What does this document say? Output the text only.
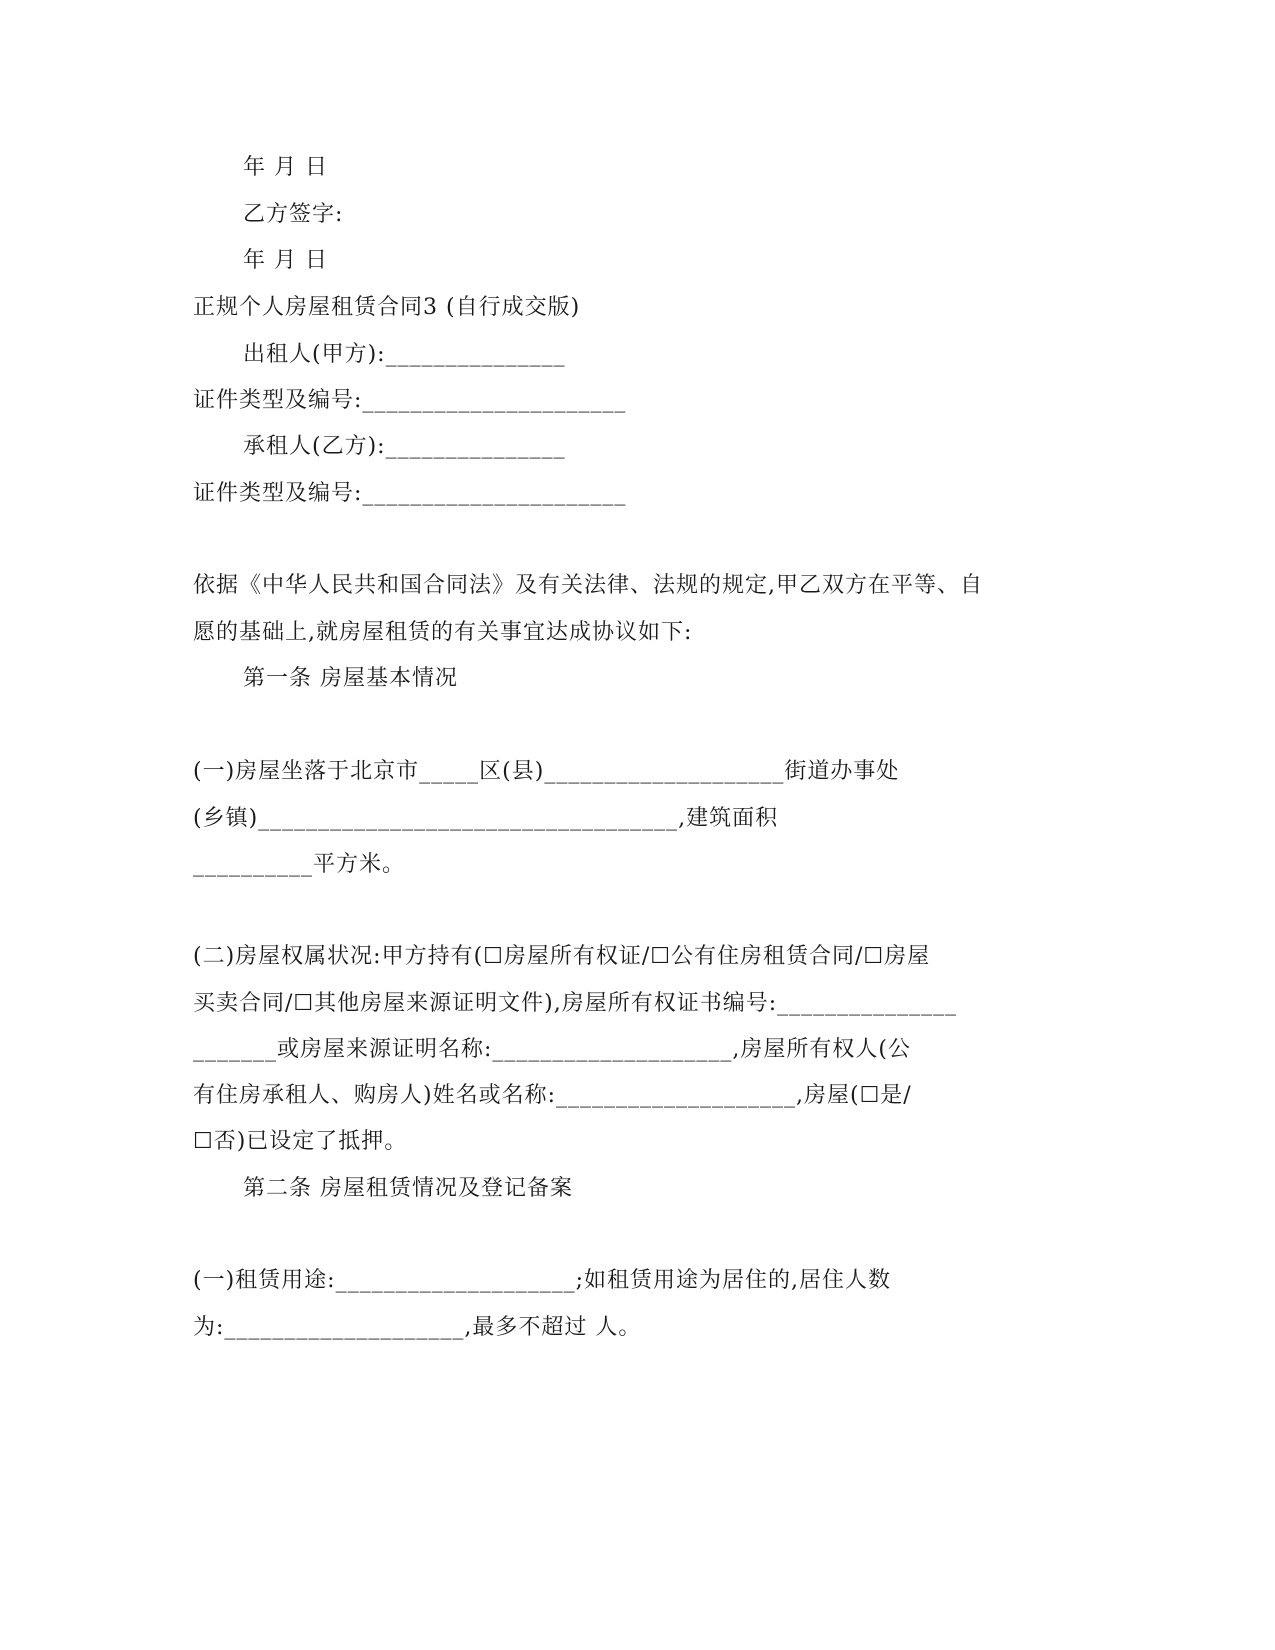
年 月 日
乙方签字:
年 月 日
正规个人房屋租赁合同3 (自行成交版)
出租人(甲方):_______________
证件类型及编号:______________________
承租人(乙方):_______________
证件类型及编号:______________________
依据《中华人民共和国合同法》及有关法律、法规的规定,甲乙双方在平等、自
愿的基础上,就房屋租赁的有关事宜达成协议如下:
第一条 房屋基本情况
(一)房屋坐落于北京市_____区(县)____________________街道办事处
(乡镇)___________________________________,建筑面积
__________平方米。
(二)房屋权属状况:甲方持有(☐房屋所有权证/☐公有住房租赁合同/☐房屋
买卖合同/☐其他房屋来源证明文件),房屋所有权证书编号:_______________
_______或房屋来源证明名称:____________________,房屋所有权人(公
有住房承租人、购房人)姓名或名称:____________________,房屋(☐是/
☐否)已设定了抵押。
第二条 房屋租赁情况及登记备案
(一)租赁用途:____________________;如租赁用途为居住的,居住人数
为:____________________,最多不超过 人。
